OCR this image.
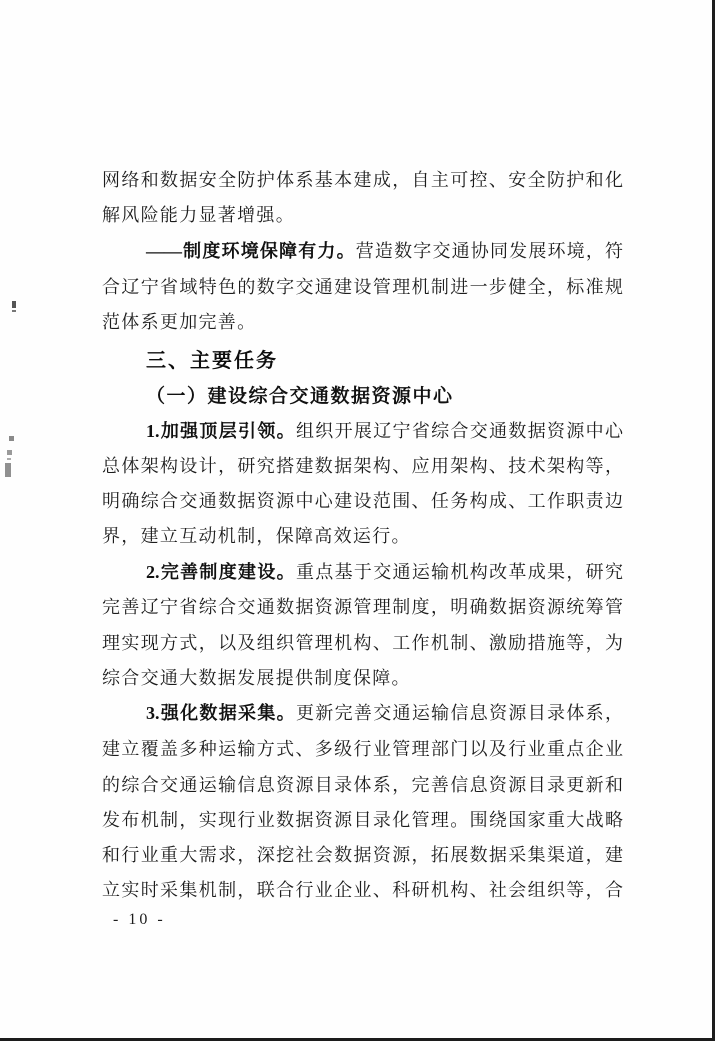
网络和数据安全防护体系基本建成，自主可控、安全防护和化
解风险能力显著增强。
——制度环境保障有力。营造数字交通协同发展环境，符
合辽宁省域特色的数字交通建设管理机制进一步健全，标准规
范体系更加完善。
三、主要任务
（一）建设综合交通数据资源中心
1.加强顶层引领。组织开展辽宁省综合交通数据资源中心
总体架构设计，研究搭建数据架构、应用架构、技术架构等，
明确综合交通数据资源中心建设范围、任务构成、工作职责边
界，建立互动机制，保障高效运行。
2.完善制度建设。重点基于交通运输机构改革成果，研究
完善辽宁省综合交通数据资源管理制度，明确数据资源统筹管
理实现方式，以及组织管理机构、工作机制、激励措施等，为
综合交通大数据发展提供制度保障。
3.强化数据采集。更新完善交通运输信息资源目录体系，
建立覆盖多种运输方式、多级行业管理部门以及行业重点企业
的综合交通运输信息资源目录体系，完善信息资源目录更新和
发布机制，实现行业数据资源目录化管理。围绕国家重大战略
和行业重大需求，深挖社会数据资源，拓展数据采集渠道，建
立实时采集机制，联合行业企业、科研机构、社会组织等，合
- 10 -
